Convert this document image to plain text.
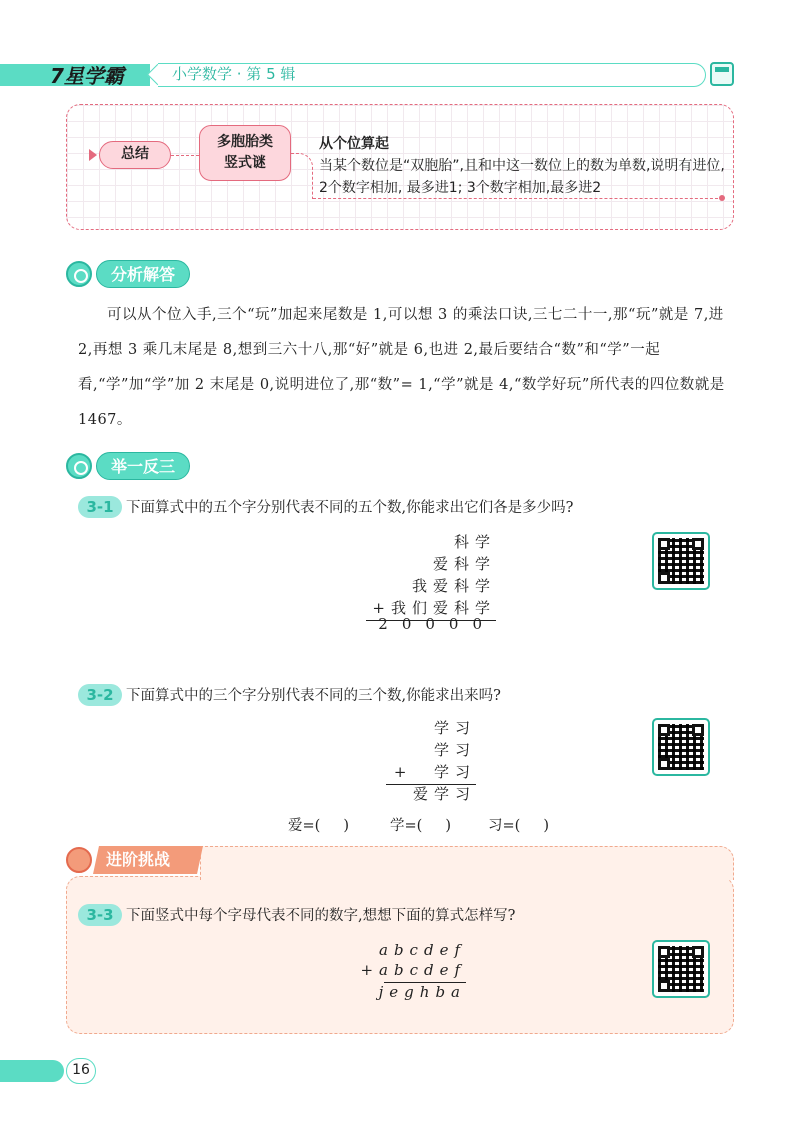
7星学霸	小学数学 · 第 5 辑
总结
多胞胎类
竖式谜
从个位算起
当某个数位是“双胞胎”,且和中这一数位上的数为单数,说明有进位, 2个数字相加, 最多进1; 3个数字相加,最多进2
分析解答
可以从个位入手,三个“玩”加起来尾数是 1,可以想 3 的乘法口诀,三七二十一,那“玩”就是 7,进 2,再想 3 乘几末尾是 8,想到三六十八,那“好”就是 6,也进 2,最后要结合“数”和“学”一起看,“学”加“学”加 2 末尾是 0,说明进位了,那“数”= 1,“学”就是 4,“数学好玩”所代表的四位数就是 1467。
举一反三
3-1 下面算式中的五个字分别代表不同的五个数,你能求出它们各是多少吗?
科学
爱科学
我爱科学
+我们爱科学
20000
3-2 下面算式中的三个字分别代表不同的三个数,你能求出来吗?
学习
学习
+  学习
爱学习
爱=(     )	学=(     )	习=(     )
进阶挑战
3-3 下面竖式中每个字母代表不同的数字,想想下面的算式怎样写?
abcdef
+abcdef
jeghba
16
